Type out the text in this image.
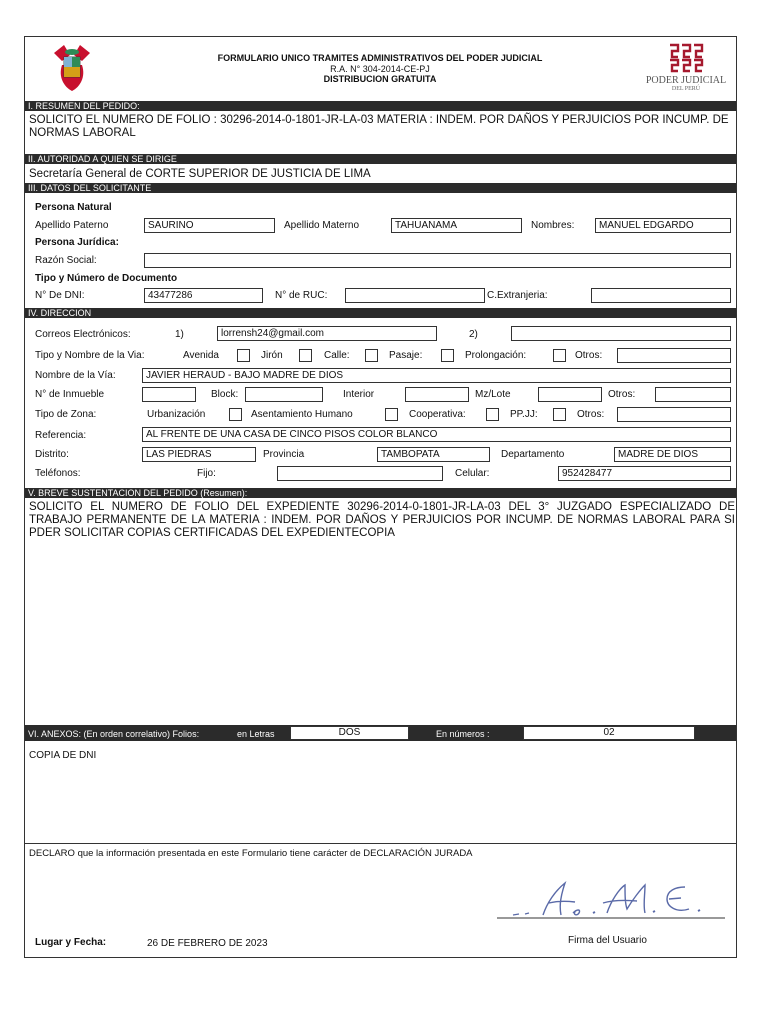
FORMULARIO UNICO TRAMITES ADMINISTRATIVOS DEL PODER JUDICIAL
R.A. N° 304-2014-CE-PJ
DISTRIBUCION GRATUITA	PODER JUDICIAL
DEL PERÚ
I. RESUMEN DEL PEDIDO:
SOLICITO EL NUMERO DE FOLIO : 30296-2014-0-1801-JR-LA-03 MATERIA : INDEM. POR DAÑOS Y PERJUICIOS POR INCUMP. DE NORMAS LABORAL
II. AUTORIDAD A QUIEN SE DIRIGE
Secretaría General de CORTE SUPERIOR DE JUSTICIA DE LIMA
III. DATOS DEL SOLICITANTE
Persona Natural
Apellido Paterno	SAURINO	Apellido Materno	TAHUANAMA	Nombres:	MANUEL EDGARDO
Persona Jurídica:
Razón Social:
Tipo y Número de Documento
N° De DNI:	43477286	N° de RUC:	C.Extranjeria:
IV. DIRECCION
Correos Electrónicos:	1)	lorrensh24@gmail.com	2)
Tipo y Nombre de la Via:	Avenida	Jirón	Calle:	Pasaje:	Prolongación:	Otros:
Nombre de la Vía:	JAVIER HERAUD - BAJO MADRE DE DIOS
N° de Inmueble	Block:	Interior	Mz/Lote	Otros:
Tipo de Zona:	Urbanización	Asentamiento Humano	Cooperativa:	PP.JJ:	Otros:
Referencia:	AL FRENTE DE UNA CASA DE CINCO PISOS COLOR BLANCO
Distrito:	LAS PIEDRAS	Provincia	TAMBOPATA	Departamento	MADRE DE DIOS
Teléfonos:	Fijo:	Celular:	952428477
V. BREVE SUSTENTACION DEL PEDIDO (Resumen):
SOLICITO EL NUMERO DE FOLIO DEL EXPEDIENTE 30296-2014-0-1801-JR-LA-03 DEL 3° JUZGADO ESPECIALIZADO DE TRABAJO PERMANENTE DE LA MATERIA : INDEM. POR DAÑOS Y PERJUICIOS POR INCUMP. DE NORMAS LABORAL PARA SI PDER SOLICITAR COPIAS CERTIFICADAS DEL EXPEDIENTECOPIA
VI. ANEXOS: (En orden correlativo) Folios:	en Letras	DOS	En números :	02
COPIA DE DNI
DECLARO que la información presentada en este Formulario tiene carácter de DECLARACIÓN JURADA
Lugar y Fecha:	26 DE FEBRERO DE 2023	Firma del Usuario
